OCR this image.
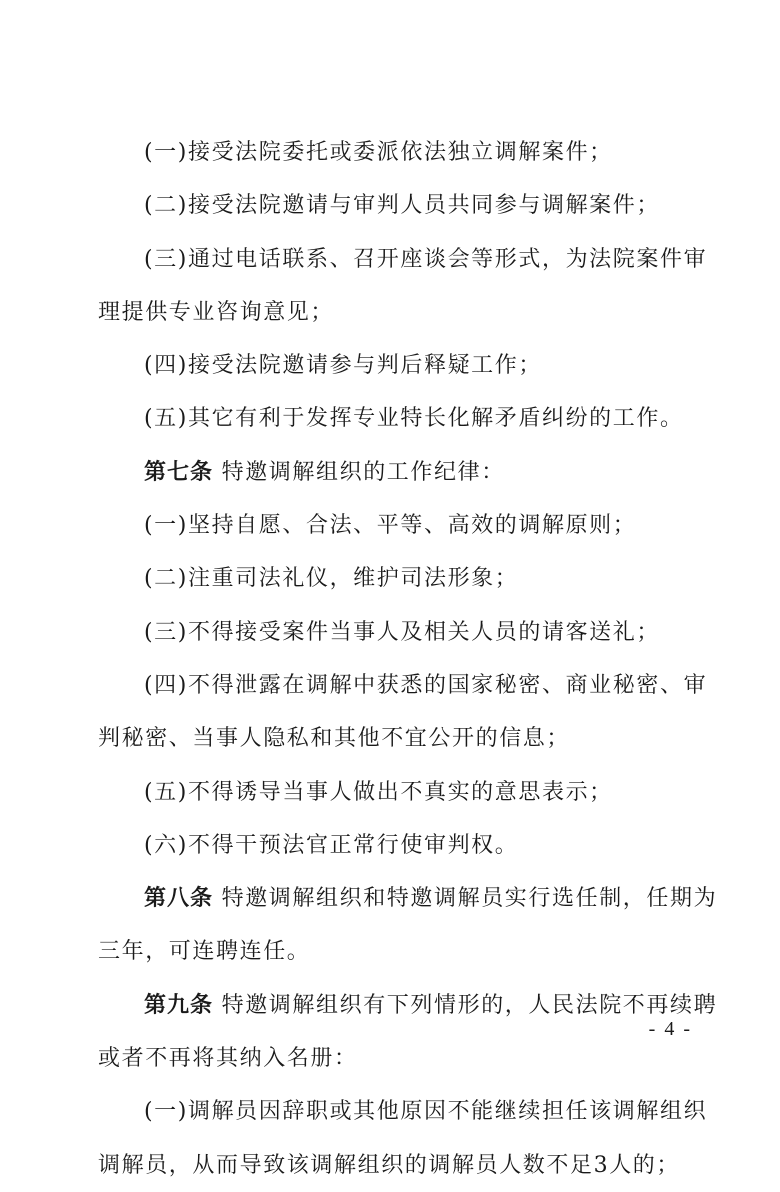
(一)接受法院委托或委派依法独立调解案件；
(二)接受法院邀请与审判人员共同参与调解案件；
(三)通过电话联系、召开座谈会等形式，为法院案件审
理提供专业咨询意见；
(四)接受法院邀请参与判后释疑工作；
(五)其它有利于发挥专业特长化解矛盾纠纷的工作。
第七条 特邀调解组织的工作纪律：
(一)坚持自愿、合法、平等、高效的调解原则；
(二)注重司法礼仪，维护司法形象；
(三)不得接受案件当事人及相关人员的请客送礼；
(四)不得泄露在调解中获悉的国家秘密、商业秘密、审
判秘密、当事人隐私和其他不宜公开的信息；
(五)不得诱导当事人做出不真实的意思表示；
(六)不得干预法官正常行使审判权。
第八条 特邀调解组织和特邀调解员实行选任制，任期为
三年，可连聘连任。
第九条 特邀调解组织有下列情形的，人民法院不再续聘
或者不再将其纳入名册：
(一)调解员因辞职或其他原因不能继续担任该调解组织
调解员，从而导致该调解组织的调解员人数不足3人的；
- 4 -
